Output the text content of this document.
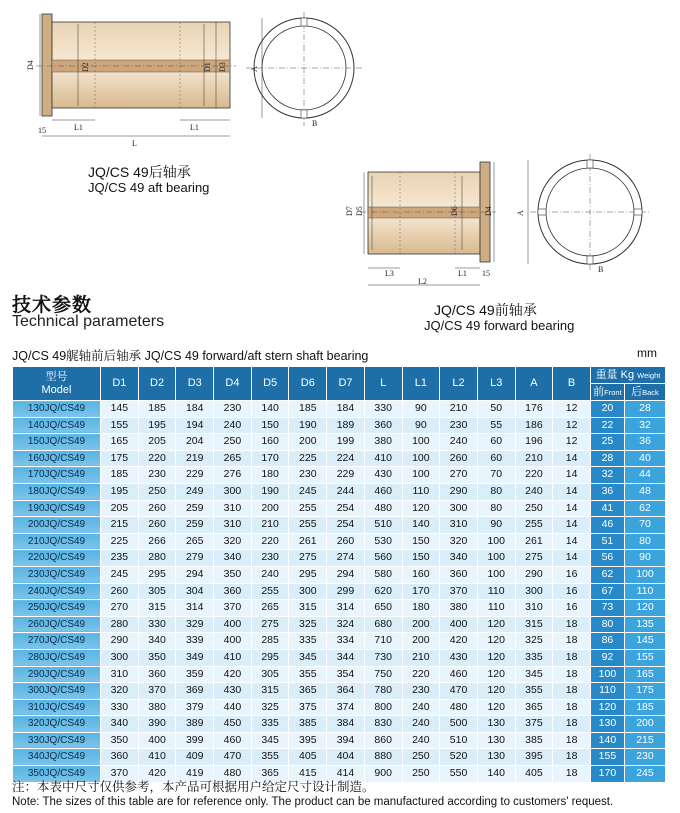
D4	D2	D1 D3
15	L1
L
L1
A
B
D7 D5	D6	D4
L3
L2
L1 15
A
B
JQ/CS 49后轴承
JQ/CS 49 aft bearing
JQ/CS 49前轴承
JQ/CS 49 forward bearing
技术参数
Technical parameters
JQ/CS 49艉轴前后轴承 JQ/CS 49 forward/aft stern shaft bearing	mm
型号
Model	D1	D2	D3	D4	D5	D6	D7	L	L1	L2	L3	A	B	重量 Kg Weight	
														前Front	后Back
130JQ/CS49	145	185	184	230	140	185	184	330	90	210	50	176	12	20	28
140JQ/CS49	155	195	194	240	150	190	189	360	90	230	55	186	12	22	32
150JQ/CS49	165	205	204	250	160	200	199	380	100	240	60	196	12	25	36
160JQ/CS49	175	220	219	265	170	225	224	410	100	260	60	210	14	28	40
170JQ/CS49	185	230	229	276	180	230	229	430	100	270	70	220	14	32	44
180JQ/CS49	195	250	249	300	190	245	244	460	110	290	80	240	14	36	48
190JQ/CS49	205	260	259	310	200	255	254	480	120	300	80	250	14	41	62
200JQ/CS49	215	260	259	310	210	255	254	510	140	310	90	255	14	46	70
210JQ/CS49	225	266	265	320	220	261	260	530	150	320	100	261	14	51	80
220JQ/CS49	235	280	279	340	230	275	274	560	150	340	100	275	14	56	90
230JQ/CS49	245	295	294	350	240	295	294	580	160	360	100	290	16	62	100
240JQ/CS49	260	305	304	360	255	300	299	620	170	370	110	300	16	67	110
250JQ/CS49	270	315	314	370	265	315	314	650	180	380	110	310	16	73	120
260JQ/CS49	280	330	329	400	275	325	324	680	200	400	120	315	18	80	135
270JQ/CS49	290	340	339	400	285	335	334	710	200	420	120	325	18	86	145
280JQ/CS49	300	350	349	410	295	345	344	730	210	430	120	335	18	92	155
290JQ/CS49	310	360	359	420	305	355	354	750	220	460	120	345	18	100	165
300JQ/CS49	320	370	369	430	315	365	364	780	230	470	120	355	18	110	175
310JQ/CS49	330	380	379	440	325	375	374	800	240	480	120	365	18	120	185
320JQ/CS49	340	390	389	450	335	385	384	830	240	500	130	375	18	130	200
330JQ/CS49	350	400	399	460	345	395	394	860	240	510	130	385	18	140	215
340JQ/CS49	360	410	409	470	355	405	404	880	250	520	130	395	18	155	230
350JQ/CS49	370	420	419	480	365	415	414	900	250	550	140	405	18	170	245
注：本表中尺寸仅供参考，本产品可根据用户给定尺寸设计制造。
Note: The sizes of this table are for reference only. The product can be manufactured according to customers' request.
